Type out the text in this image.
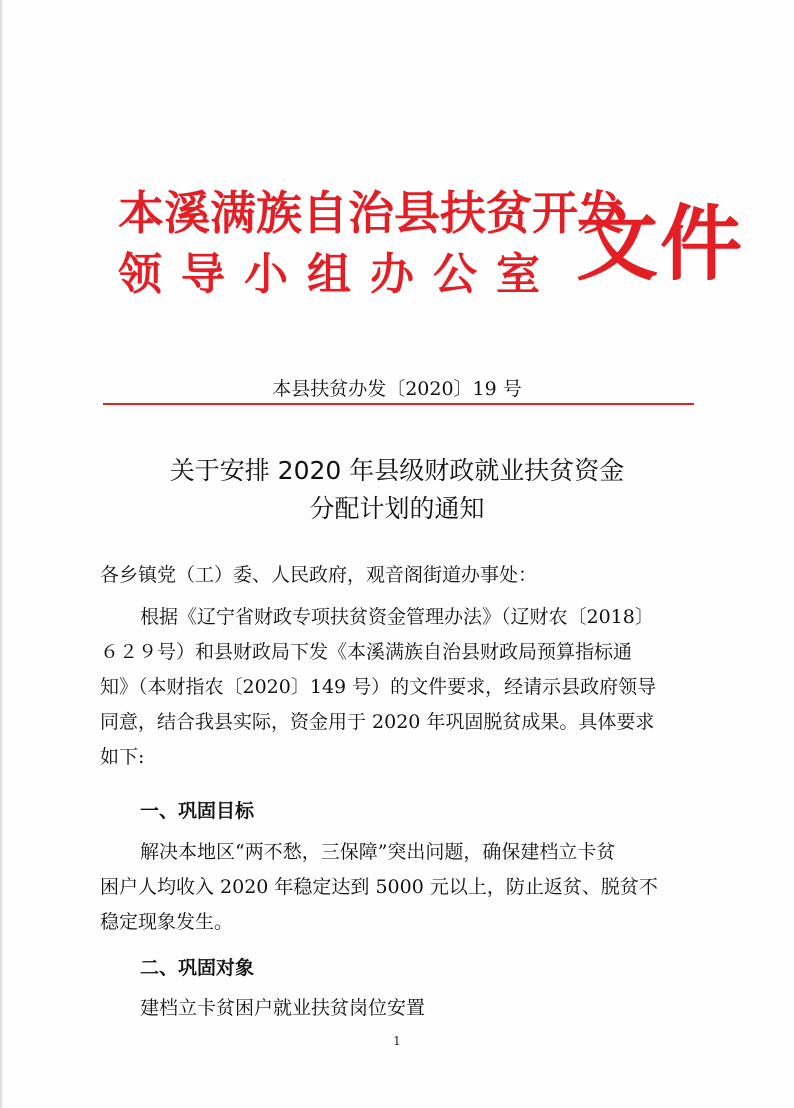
本溪满族自治县扶贫开发
领导小组办公室 文件
本县扶贫办发〔2020〕19 号
关于安排 2020 年县级财政就业扶贫资金
分配计划的通知
各乡镇党（工）委、人民政府，观音阁街道办事处：
根据《辽宁省财政专项扶贫资金管理办法》（辽财农〔2018〕
６２９号）和县财政局下发《本溪满族自治县财政局预算指标通
知》（本财指农〔2020〕149 号）的文件要求，经请示县政府领导
同意，结合我县实际，资金用于 2020 年巩固脱贫成果。具体要求
如下:
一、巩固目标
解决本地区“两不愁，三保障”突出问题，确保建档立卡贫
困户人均收入 2020 年稳定达到 5000 元以上，防止返贫、脱贫不
稳定现象发生。
二、巩固对象
建档立卡贫困户就业扶贫岗位安置
1
